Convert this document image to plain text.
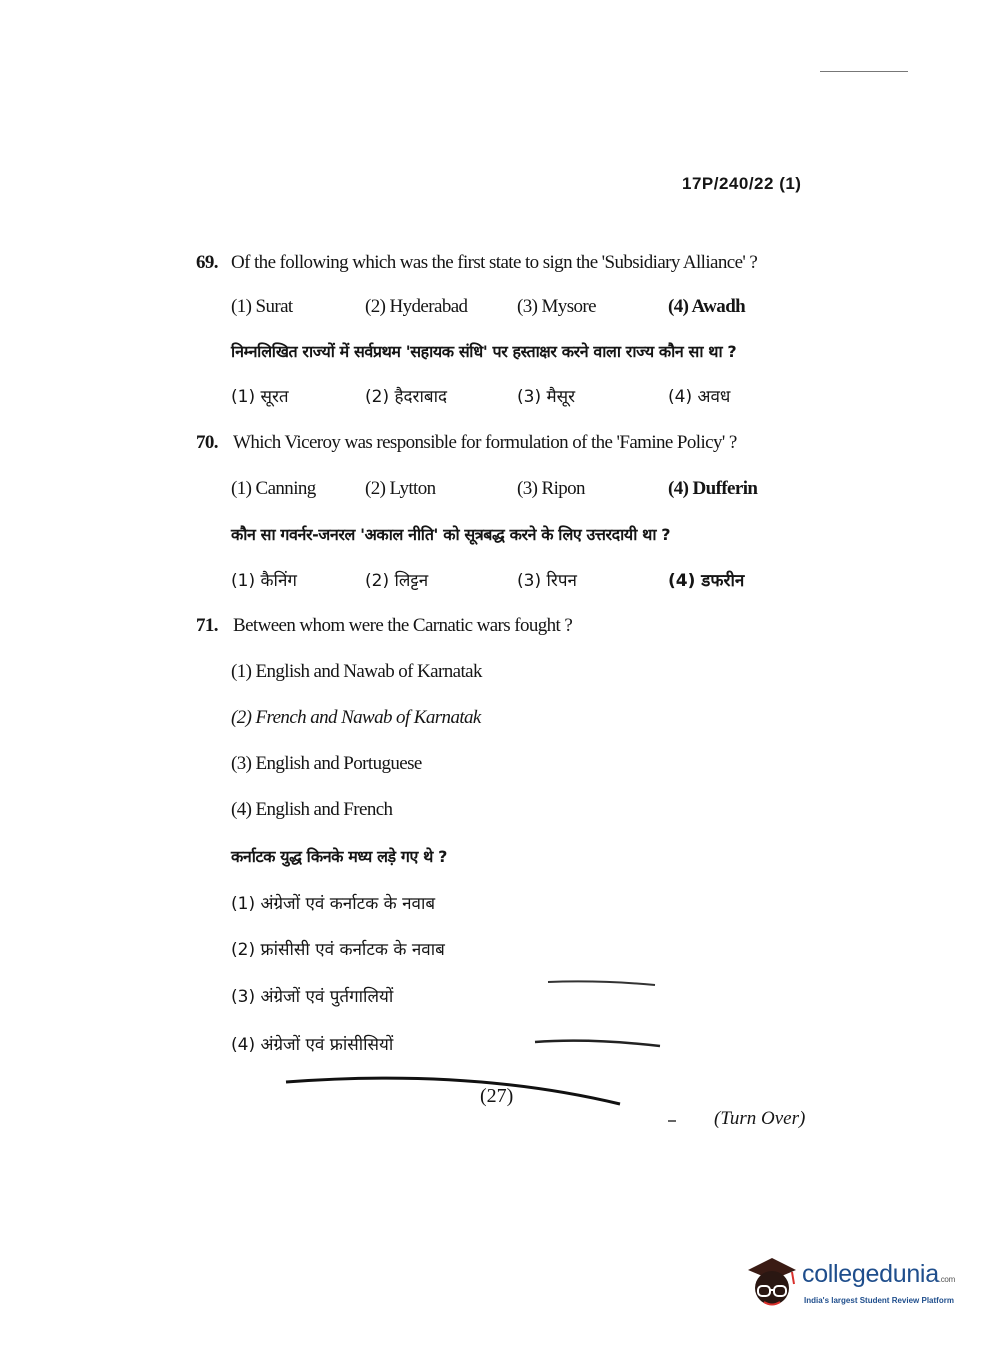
17P/240/22 (1)
69. Of the following which was the first state to sign the 'Subsidiary Alliance' ?
(1) Surat	(2) Hyderabad	(3) Mysore	(4) Awadh
निम्नलिखित राज्यों में सर्वप्रथम 'सहायक संधि' पर हस्ताक्षर करने वाला राज्य कौन सा था ?
(1) सूरत	(2) हैदराबाद	(3) मैसूर	(4) अवध
70. Which Viceroy was responsible for formulation of the 'Famine Policy' ?
(1) Canning	(2) Lytton	(3) Ripon	(4) Dufferin
कौन सा गवर्नर-जनरल 'अकाल नीति' को सूत्रबद्ध करने के लिए उत्तरदायी था ?
(1) कैनिंग	(2) लिट्टन	(3) रिपन	(4) डफरीन
71. Between whom were the Carnatic wars fought ?
(1) English and Nawab of Karnatak
(2) French and Nawab of Karnatak
(3) English and Portuguese
(4) English and French
कर्नाटक युद्ध किनके मध्य लड़े गए थे ?
(1) अंग्रेजों एवं कर्नाटक के नवाब
(2) फ्रांसीसी एवं कर्नाटक के नवाब
(3) अंग्रेजों एवं पुर्तगालियों
(4) अंग्रेजों एवं फ्रांसीसियों
(27)
(Turn Over)
collegedunia.com
India's largest Student Review Platform
